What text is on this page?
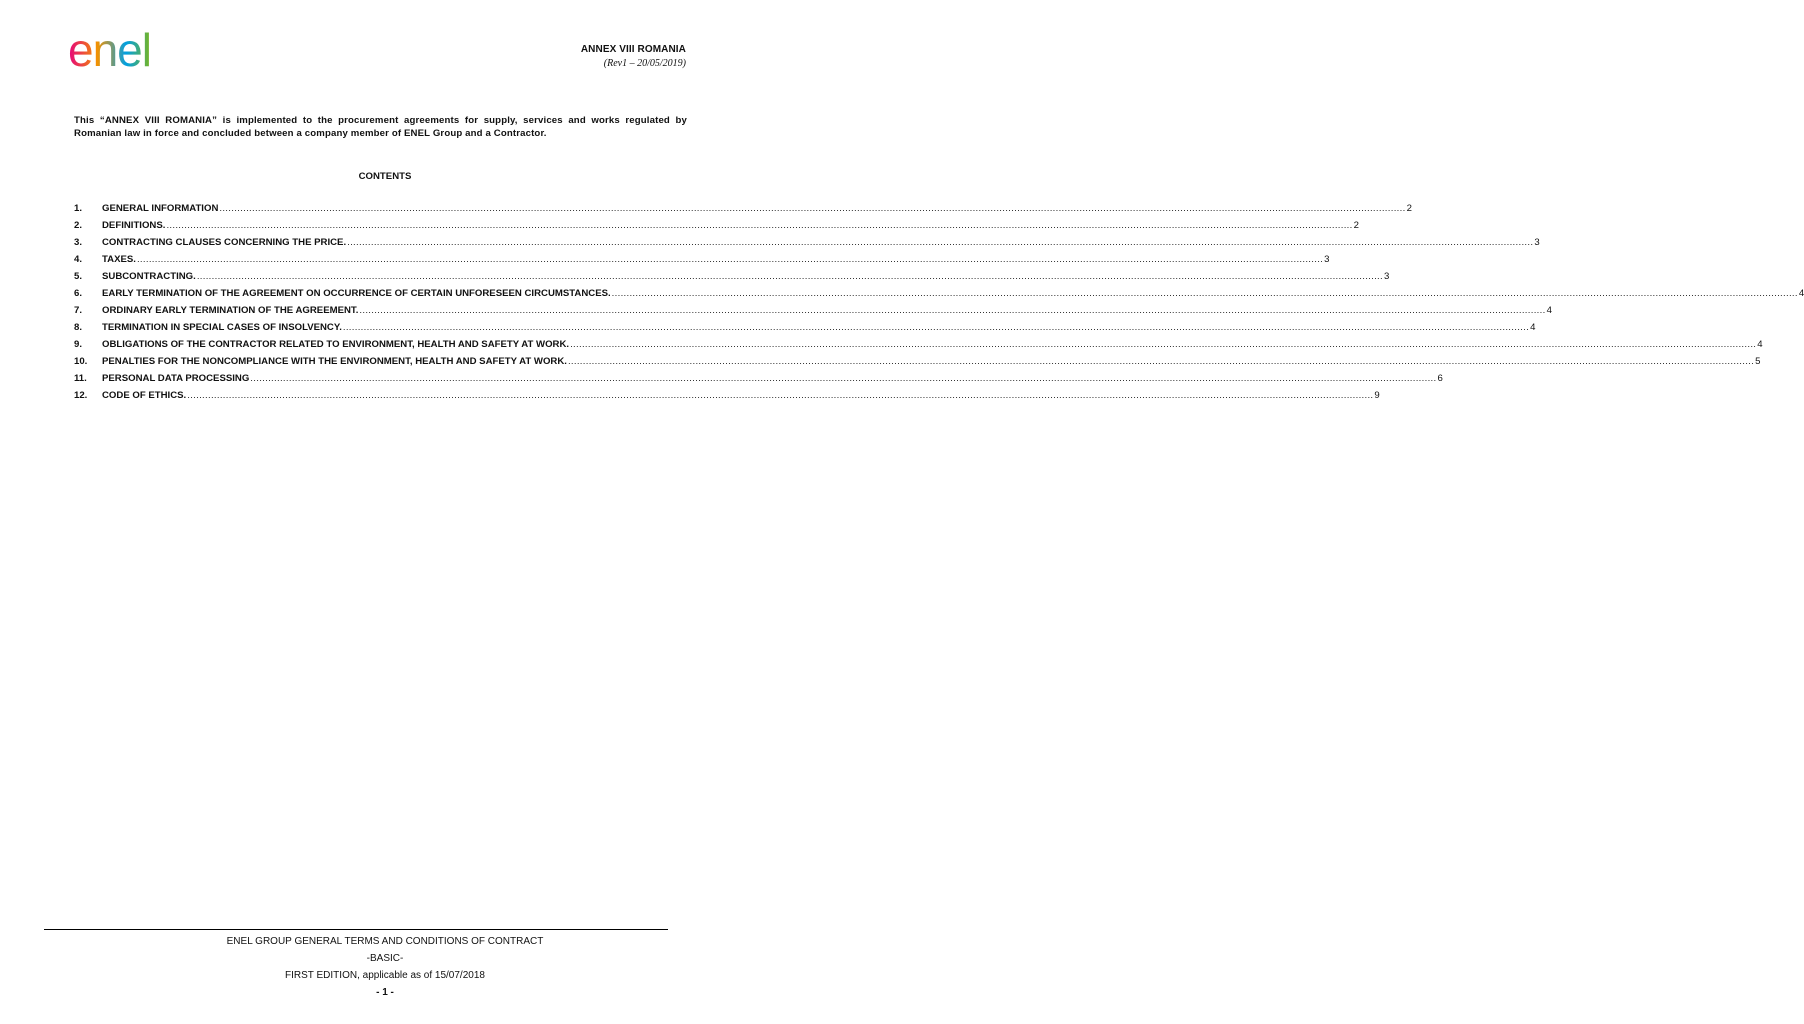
enel	ANNEX VIII ROMANIA
(Rev1 – 20/05/2019)
This “ANNEX VIII ROMANIA” is implemented to the procurement agreements for supply, services and works regulated by Romanian law in force and concluded between a company member of ENEL Group and a Contractor.
CONTENTS
1.	GENERAL INFORMATION ................................................................................................................................................................................................................................................................................................................................................................................................................ 2
2.	DEFINITIONS. ................................................................................................................................................................................................................................................................................................................................................................................................................ 2
3.	CONTRACTING CLAUSES CONCERNING THE PRICE. ................................................................................................................................................................................................................................................................................................................................................................................................................ 3
4.	TAXES. ................................................................................................................................................................................................................................................................................................................................................................................................................ 3
5.	SUBCONTRACTING. ................................................................................................................................................................................................................................................................................................................................................................................................................ 3
6.	EARLY TERMINATION OF THE AGREEMENT ON OCCURRENCE OF CERTAIN UNFORESEEN CIRCUMSTANCES. ................................................................................................................................................................................................................................................................................................................................................................................................................ 4
7.	ORDINARY EARLY TERMINATION OF THE AGREEMENT. ................................................................................................................................................................................................................................................................................................................................................................................................................ 4
8.	TERMINATION IN SPECIAL CASES OF INSOLVENCY. ................................................................................................................................................................................................................................................................................................................................................................................................................ 4
9.	OBLIGATIONS OF THE CONTRACTOR RELATED TO ENVIRONMENT, HEALTH AND SAFETY AT WORK. ................................................................................................................................................................................................................................................................................................................................................................................................................ 4
10.	PENALTIES FOR THE NONCOMPLIANCE WITH THE ENVIRONMENT, HEALTH AND SAFETY AT WORK. ................................................................................................................................................................................................................................................................................................................................................................................................................ 5
11.	PERSONAL DATA PROCESSING ................................................................................................................................................................................................................................................................................................................................................................................................................ 6
12.	CODE OF ETHICS. ................................................................................................................................................................................................................................................................................................................................................................................................................ 9
ENEL GROUP GENERAL TERMS AND CONDITIONS OF CONTRACT
-BASIC-
FIRST EDITION, applicable as of 15/07/2018
- 1 -
